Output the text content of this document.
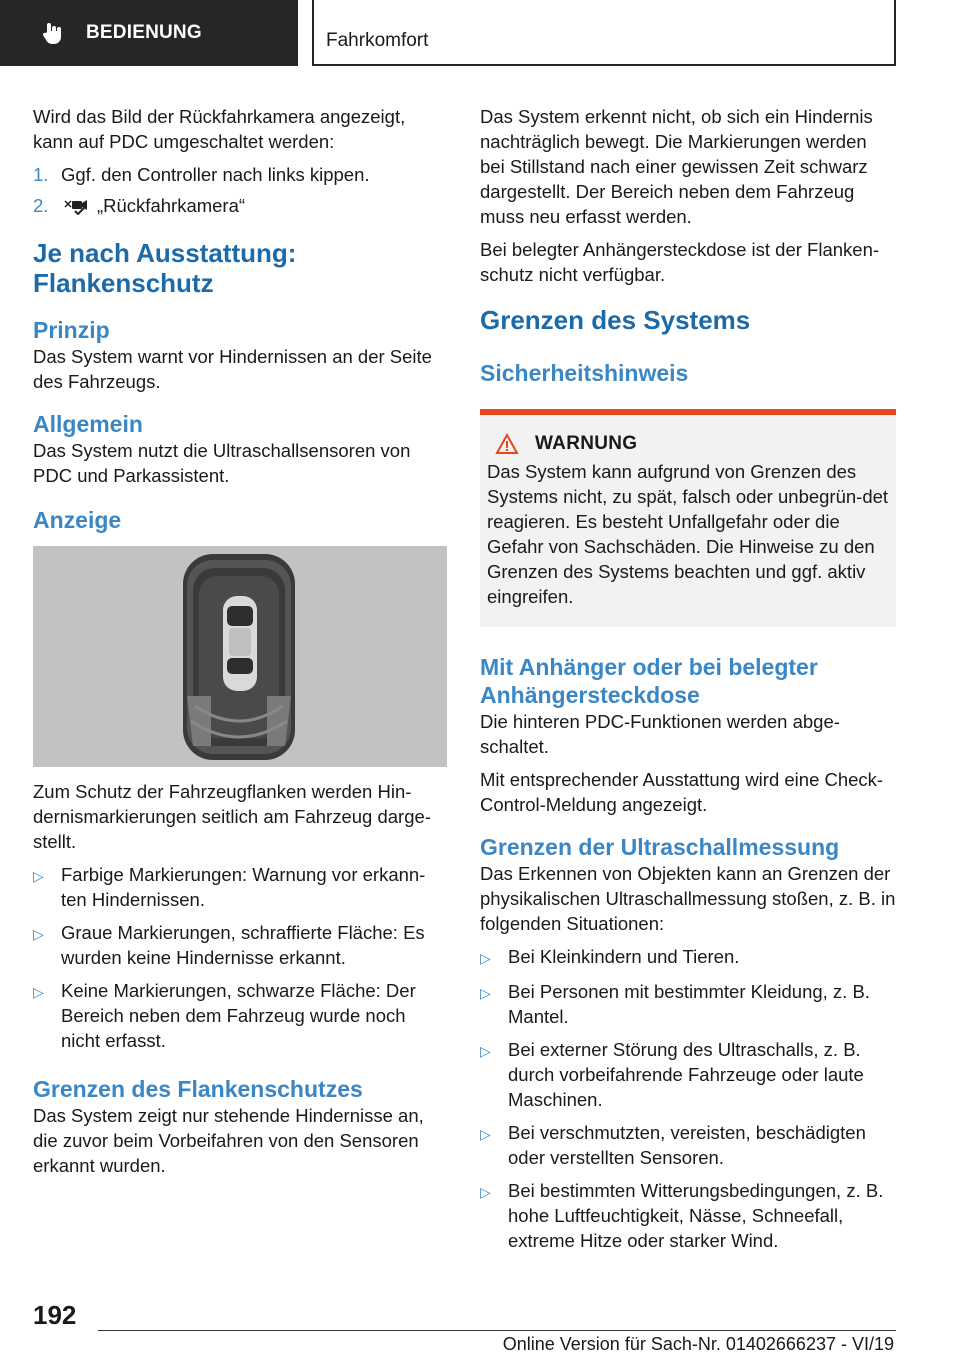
BEDIENUNG	Fahrkomfort

Wird das Bild der Rückfahrkamera angezeigt, kann auf PDC umgeschaltet werden:

1. Ggf. den Controller nach links kippen.
2.	„Rückfahrkamera“
Je nach Ausstattung: Flankenschutz
Prinzip

Das System warnt vor Hindernissen an der Seite des Fahrzeugs.

Allgemein

Das System nutzt die Ultraschallsensoren von PDC und Parkassistent.

Anzeige

Zum Schutz der Fahrzeugflanken werden Hin‐dernismarkierungen seitlich am Fahrzeug darge‐stellt.

▷ Farbige Markierungen: Warnung vor erkann‐ten Hindernissen.
▷ Graue Markierungen, schraffierte Fläche: Es wurden keine Hindernisse erkannt.
▷ Keine Markierungen, schwarze Fläche: Der Bereich neben dem Fahrzeug wurde noch nicht erfasst.
Grenzen des Flankenschutzes

Das System zeigt nur stehende Hindernisse an, die zuvor beim Vorbeifahren von den Sensoren erkannt wurden.

Das System erkennt nicht, ob sich ein Hindernis nachträglich bewegt. Die Markierungen werden bei Stillstand nach einer gewissen Zeit schwarz dargestellt. Der Bereich neben dem Fahrzeug muss neu erfasst werden.

Bei belegter Anhängersteckdose ist der Flanken‐schutz nicht verfügbar.

Grenzen des Systems
Sicherheitshinweis
WARNUNG

Das System kann aufgrund von Grenzen des Systems nicht, zu spät, falsch oder unbegrün‐det reagieren. Es besteht Unfallgefahr oder die Gefahr von Sachschäden. Die Hinweise zu den Grenzen des Systems beachten und ggf. aktiv eingreifen.

Mit Anhänger oder bei belegter Anhängersteckdose

Die hinteren PDC-Funktionen werden abge‐schaltet.

Mit entsprechender Ausstattung wird eine Check-Control-Meldung angezeigt.

Grenzen der Ultraschallmessung

Das Erkennen von Objekten kann an Grenzen der physikalischen Ultraschallmessung stoßen, z. B. in folgenden Situationen:

▷ Bei Kleinkindern und Tieren.
▷ Bei Personen mit bestimmter Kleidung, z. B. Mantel.
▷ Bei externer Störung des Ultraschalls, z. B. durch vorbeifahrende Fahrzeuge oder laute Maschinen.
▷ Bei verschmutzten, vereisten, beschädigten oder verstellten Sensoren.
▷ Bei bestimmten Witterungsbedingungen, z. B. hohe Luftfeuchtigkeit, Nässe, Schneefall, extreme Hitze oder starker Wind.
192
Online Version für Sach-Nr. 01402666237 - VI/19
